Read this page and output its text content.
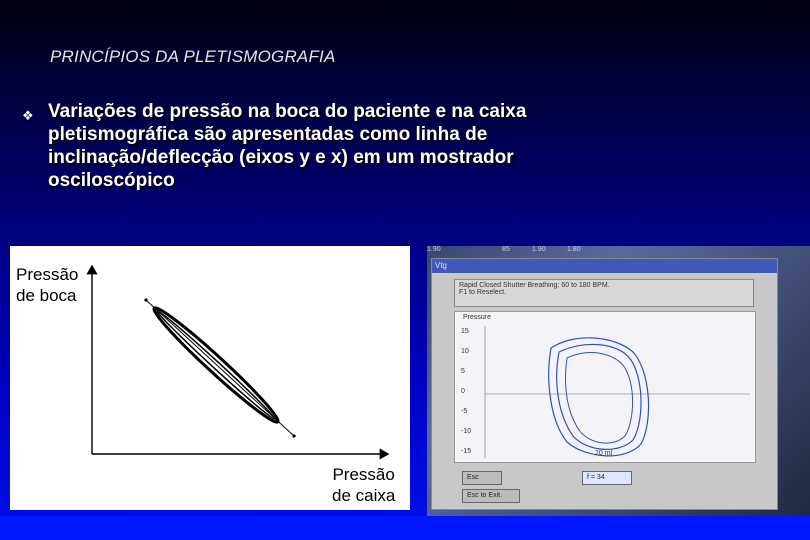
PRINCÍPIOS DA PLETISMOGRAFIA
❖ Variações de pressão na boca do paciente e na caixa
pletismográfica são apresentadas como linha de
inclinação/deflecção (eixos y e x) em um mostrador
osciloscópico
Pressão
de boca
Pressão
de caixa
1.90	85	1.90	1.80
Vtg
Rapid Closed Shutter Breathing; 60 to 180 BPM.
F1 to Reselect.
Pressure
15
10
5
0
-5
-10
-15	20 ml
Esc
Esc to Exit.
f = 34
